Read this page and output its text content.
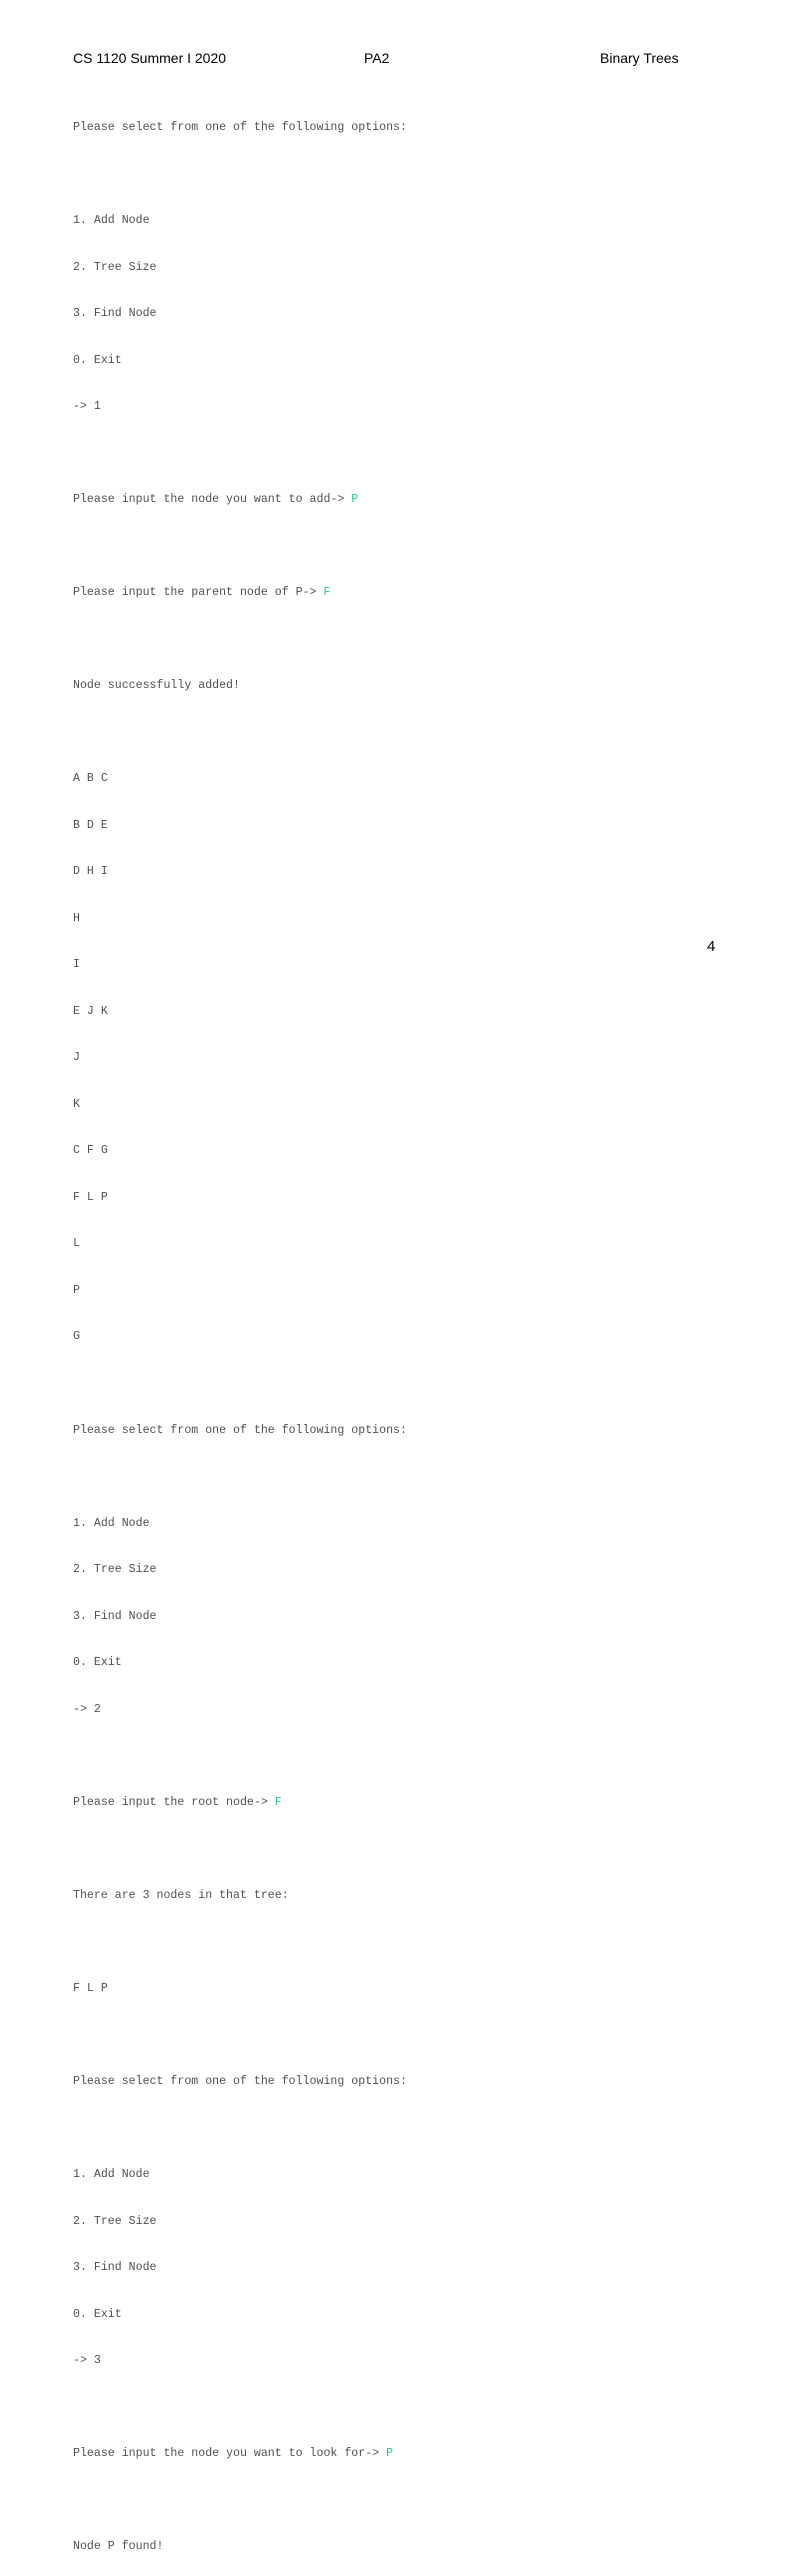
CS 1120 Summer I 2020	PA2	Binary Trees

Please select from one of the following options:

1. Add Node

2. Tree Size

3. Find Node

0. Exit

-> 1

Please input the node you want to add-> P

Please input the parent node of P-> F

Node successfully added!

A B C

B D E

D H I

H

I

E J K

J

K

C F G

F L P

L

P

G

Please select from one of the following options:

1. Add Node

2. Tree Size

3. Find Node

0. Exit

-> 2

Please input the root node-> F

There are 3 nodes in that tree:

F L P

Please select from one of the following options:

1. Add Node

2. Tree Size

3. Find Node

0. Exit

-> 3

Please input the node you want to look for-> P

Node P found!

4
